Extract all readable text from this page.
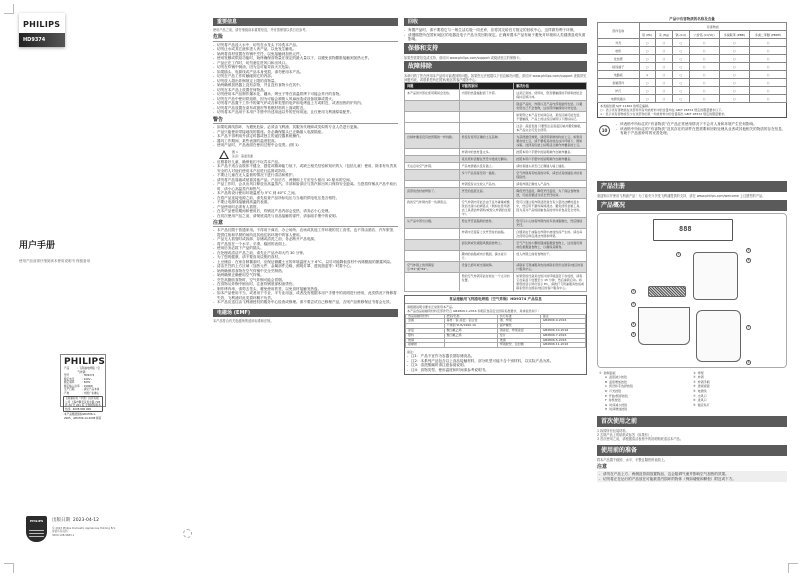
PHILIPS
HD9374
用户手册
使用产品前请仔细阅读本使用说明书 保留备用
PHILIPS
产品	: 飞利浦电烤箱（空气炸锅）
型号	: HD9374
额定电压	: 220V~
额定频率	: 50Hz
额定输入功率 : 1500W
生产日期	: 请见产品本体
产地	: 中国广东佛山
飞利浦家电（中国）投资有限公司 上海市静安区恒丰路 728 弄 20 号 201 室 全国顾客服务热线：4008 800 008
本产品根据国标GB4706.1-2005，GB4706.14-2008 制造
PHILIPS	出版日期 2023-04-12
© 2023 Philips Domestic Appliances Holding B.V.
保留所有权利
3000.108.9683.1
重要信息
使用产品之前，请仔细阅读本重要信息，并妥善保管以供日后参考。
危险
- 切勿将产品浸入水中，切勿在水龙头下冲洗本产品。
- 切勿让水或其它液体进入该产品，以免发生触电。
- 始终将食材放置在炸锅中烹饪，以免接触到加热元件。
- 使用发酵或烘焙功能时，始终确保食物量在规定的最大量以下，以避免食物膨胀接触到加热元件。
- 产品正在工作时，切勿遮住进风口和出风口。
- 切勿在炸锅中倒油，因为这可能导致火灾危险。
- 如果插头、电源线或产品本身受损，请勿使用本产品。
- 切勿在产品工作时触碰到它的内部。
- 切勿放入超出炸锅规定上限的食物量。
- 始终确保加热器上没有杂物，并且没有食物卡在其中。
- 切勿在本产品上放置任何物品。
- 切勿使用本产品制作爆米花、藕米、烤豆子等在高温烘烤下可能会炸开的食物。
- 切勿在产品中使用烘焙纸，因为可能会被吸入风扇而造成设备故障或着火。
- 切勿将产品置于工作中的煤气炉或各种类型的电炉和电烤盘上方或附近，或者加热的炉具内。
- 切勿将产品放置在桌布或窗帘等易燃材料的上面或附近。
- 切勿将本产品用于本用户手册中所述用途以外的任何用途，且仅使用飞利浦原装配件。
警告
- 如果电源线损坏，为避免危险，必须由飞利浦、其服务代理商或类似的专业人员进行更换。
- 产品只能使用带接地线的插座。务必确保插头已正确插入电源插座。
- 本产品不得利用外部定时器或独立的遥控器系统操作。
- 器具工作期间，某些表面的温度很高。
- 使用产品时，产品表面在使用过程中会变烫。(图 1)
图 1
注意：高温表面
- 应照看好儿童，确保他们不玩弄本产品。
- 本产品不适合由肢体不健全、感觉或精神能力低下，或缺乏相关经验和知识的人（包括儿童）使用，除非有负责其安全的人对他们使用本产品进行监督或指导。
- 不要让儿童在无人监督的情况下进行清洁和维护。
- 请勿将产品靠墙或贴靠其他产品。产品后方、两侧和上方应至少留出 10 厘米的空间。
- 产品工作时，会从出风口释放出高温蒸汽。手部和脸部应与蒸汽和出风口保持安全距离。当您将炸锅从产品中取出时，请小心高温蒸汽和热气。
- 本产品的设计使用环境温度为 5°C 到 40°C 之间。
- 在将产品连接电源之前，请先检查产品所标电压与当地的供电电压是否相符。
- 不要让电源线接触到高温的表面。
- 产品使用时必须有人看管。
- 在本产品使用期间和使用后，炸锅及产品内部会变热，请务必小心处理。
- 在初次使用产品之前，请彻底清洗与食品接触的部件，请参阅手册中的说明。
注意
- 本产品仅限于普通家用。不得用于商店、办公场所、农场或其他工作环境的员工食堂。也不得由酒店、汽车旅馆、提供住宿和早餐的场所及其他住宿环境中的客人使用。
- 产品无人看管时或拆卸、存储或清洗之前，务必断开产品电源。
- 将产品放在一个水平、平滑、稳固的表面上。
- 使用后务必拔下产品的插头。
- 在处理或清洁产品之前，请先让产品冷却大约 30 分钟。
- 为了您的健康，请不要食用烧焦的食材。
- 土豆储存：在家自制薯条时，应保证储藏土豆的环境温度大于 6°C，以尽可能降低食材中丙烯酰胺的暴露风险。
- 清洁烹饪的上方区域（加热元件、金属部件边缘、照明灯罩、透视窗盖等）时要小心。
- 始终确保将食物在空气炸锅中完全烹制熟。
- 始终确保正确使用空气炸锅。
- 烹饪高脂肪食物时，空气炸锅可能会冒烟。
- 在食物从炸锅中倒出时，注意炸锅底部积油烫伤。
- 制作烤肉串，请剪去签头，避免使用铁签，以免食材接触发热盘。
- 如本产品使用不当，或者用于专业、半专业用途，或者没有根据本用户手册中的说明进行使用，此类情况下保修将失效，飞利浦对此类损坏概不负责。
- 本产品应送往由飞利浦授权的服务中心检查或修理。请不要尝试自己修理产品，否则产品维修保证书将会无效。
电磁场 (EMF)
本产品符合有关电磁场的适用标准和法规。
回收
- 弃置产品时，请不要将它与一般生活垃圾一同丢弃，应将其交给官方指定的回收中心，这样做有利于环保。
- 请遵循您所在国家/地区的电器及电子产品分类回收规定。正确弃置本产品有助于避免对环境和人类健康造成负面影响。
保修和支持
如果您需要信息或支持，请访问 www.philips.com/support 或阅读独立的保修卡。
故障排除
本章归纳了您在使用本产品时可能遇到的问题。如果您无法根据以下信息解决问题，请访问 www.philips.com/support 查阅常见问题列表，或联系您所在国家/地区的客户服务中心。
问题	可能的原因	解决办法
本产品的外部在使用期间会发热。	内部的热量辐射到了外部。	这是正常的。使用时，您需要触摸的手柄和按钮会保持足够冷却。
		锅盒产品时，炸锅以及产品内部将始终发烫。以避免您自己不会食物，这些部件触摸时切勿发烫。
		如果您让本产品长时间启动，某些区域可能发烫。不要触摸，产品上的这些区域用以下图标标记。
		注意：高温表面 只要您注意高温区域并避免触碰，本产品完全可安全使用。
自制炸薯条没有按预期的一样烧脆。	您没有使用正确的土豆品种。	为获得最佳效果，请使用新鲜的粉质土豆。如果需要存放土豆，请不要将其存放在冰冷环境下，例如冰箱。选择其包装上标明适合制作炸薯条的土豆。
	炸锅中的食材量太多。	按照本用户手册中的说明制作自制炸薯条。
	某些原料需要在烹饪中途进行翻动。	按照本用户手册中的说明制作自制炸薯条。
无法启动空气炸锅。	产品电源插头没有插上。	请检查插头是否已正确插入墙上插座。
	多个产品连接至同一插座。	空气炸锅具有较高的功率，请尝试其他插座并检查保险丝。
	炸锅没有完全放入产品内。	请将炸锅正确放入产品内。
顶部的食材被烤焦了。	烹饪的温度过高。	降低烹饪温度，降低烹饪温度，为了保证食物熟透，可能需要适当延长烹饪时间。
我的空气炸锅内部一些剥落点。	空气炸锅内可能会由于意外碰撞或擦洗而出现小的剥落点（例如在使用清洁工具清洁炸锅和/或放入炸锅的过程中）。	您可以通过将炸锅浸泡到含有少量洗洁精的温水中，然后用不磨料海绵清洁。避免使用金属工具。因为其对产品的接触食品的材料是食品安全材料。
从产品中冒出白烟。	您在烹饪高脂肪的食材。	您可以小心地将炸锅内的多余油脂倒出，然后继续烹饪。
	炸锅中还留着上次烹饪时的油脂。	白烟是由于油脂在炸锅中被加热而产生的。请在每次使用后彻底清洁炸锅和烤架。
	面包屑或色素随风溅到食物上。	空气产生的小颗粒随油脂溅到食物上，这些面包屑或色素溅到食物上，以确保其顺利。
	腌肉的油脂或肉汁溅到，滴水成污斤。	放入炸锅之前将食物拍干。
空气炸锅上的屏幕显示“E1”或“E2”。	设备已损坏或出现故障。	请联系飞利浦服务热线或联系您所在国家/地区的客户服务中心。
	您的空气炸锅可能存放在一个太冷的位置。	如果您的设备是在较冷的环境温度下存放的，请将它在室温下放置至少 15 分钟，然后重新启动。如果您的显示屏仍显示 E1，请拨打飞利浦服务热线或联系您所在国家/地区的客户服务中心。
食品接触用飞利浦电烤箱（空气炸锅）HD9374 产品信息
请根据说明书要求正常使用本产品。
本产品食品接触用材料及部件符合 GB4806.1-2016 和相应食品安全国家标准要求，具体信息如下：
食品接触用材料	类别/名称	执行标准	备注
金属	基材：铁 涂层：铝合金	钢、烤架	GB4806.9-2016
	不锈钢 SUS/1960.10	固炉螺丝	
涂层	聚四氟乙烯	锅涂层、烤架涂层	GB4806.10-2016
塑料	聚四氟乙烯	垫片	GB4806.7-2016
玻璃		玻璃	GB4806.5-2016
硅橡胶		烤锅胶垫、密封圈	GB4806.11-2016
备注：
- 注1：产品不宜作为容器长期存储食品。
- 注2：本系列产品包含以上食品接触材料，部分机型可能不含个别材料，以实际产品为准。
- 注3：清洗酸碱时请注意参阅说明。
- 注4：食物类型、使用温度和时间请参考说明书。
产品中有害物质的名称及含量
部件名称	有害物质					
	铅 (Pb)	汞 (Hg)	镉 (Cd)	六价铬 (Cr(VI))	多溴联苯 (PBB)	多溴二苯醚 (PBDE)
外壳	○	○	○	○	○	○
电机	○	○	○	○	○	○
发热管	○	○	○	○	○	○
接线端子	○	○	○	○	○	○
电路板	×	○	○	○	○	○
金属部件	○	○	○	○	○	○
炉灯	○	○	○	○	○	○
电源线插头	○	○	○	○	○	○
本表格依据 SJ/T 11364 的规定编制。
○：表示该有害物质在该部件所有均质材料中的含量均在 GB/T 26572 规定的限量要求以下。
×：表示该有害物质至少在该部件的某一均质材料中的含量超出 GB/T 26572 规定的限量要求。
10
- 该表格中所标注的“有害物质”在产品正常使用情况下不会对人身和环境产生任何影响。
- 该表格中所标注的“有害物质”及其存在的部件在您需要和回收处理从业者或其他相关的物质的存在信息，有助于产品废弃时的妥善处理。
产品注册
欢迎购买并使用飞利浦产品！为了能充分享受飞利浦提供的支持，请在 www.philips.com/welcome 上注册您的产品。
产品概况
888
1
9
8
2
3
4
5
7
6
① 控制面板	② 烤架
A 温度减少按钮	③ 炸锅
B 温度增加按钮	④ 炸锅手柄
C 预设和手选择按钮	⑤ 透视视窗
D 灯光按钮	⑥ 电源线
E 开始/暂停按钮	⑦ 出风口
F 待机按钮	⑧ 进风口
G 时间减少按钮	⑨ 烟店系灯
H 时间增加按钮

首次使用之前
1 拆掉所有包装材料。
2 去除产品上的贴纸或标签（如果有）。
3 首次使用之前，请根据清洁表格中的说明彻底清洁本产品。
使用前的准备
将本产品置于稳固、水平、平整且隔热的表面上。
注意
- 请勿在产品上方、两侧及背面放置物品，这会阻碍气流并影响空气加热的效果。
- 切勿将正在运行的产品放在可能被蒸汽损坏的物体（例如墙壁和橱柜）附近或下方。
